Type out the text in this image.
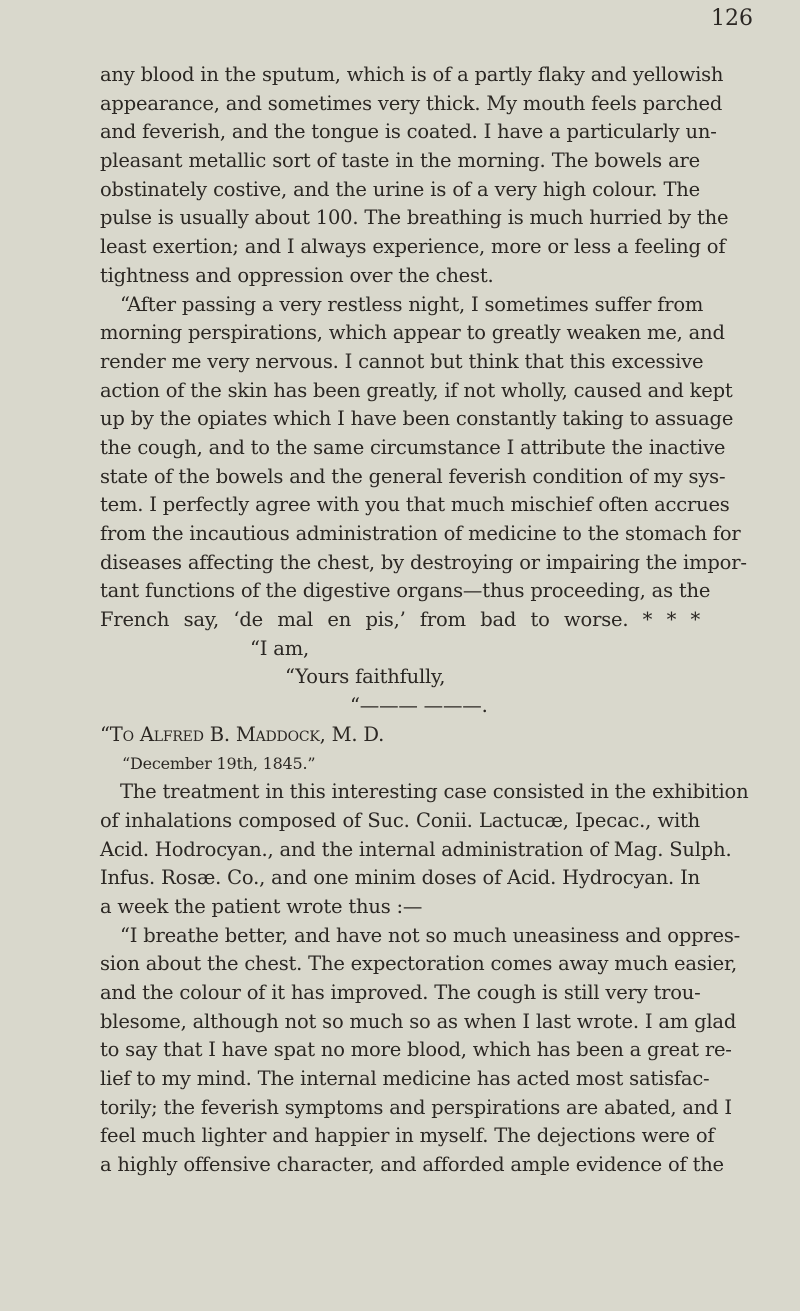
126
any blood in the sputum, which is of a partly flaky and yellowish
appearance, and sometimes very thick. My mouth feels parched
and feverish, and the tongue is coated. I have a particularly un-
pleasant metallic sort of taste in the morning. The bowels are
obstinately costive, and the urine is of a very high colour. The
pulse is usually about 100. The breathing is much hurried by the
least exertion; and I always experience, more or less a feeling of
tightness and oppression over the chest.
“After passing a very restless night, I sometimes suffer from
morning perspirations, which appear to greatly weaken me, and
render me very nervous. I cannot but think that this excessive
action of the skin has been greatly, if not wholly, caused and kept
up by the opiates which I have been constantly taking to assuage
the cough, and to the same circumstance I attribute the inactive
state of the bowels and the general feverish condition of my sys-
tem. I perfectly agree with you that much mischief often accrues
from the incautious administration of medicine to the stomach for
diseases affecting the chest, by destroying or impairing the impor-
tant functions of the digestive organs—thus proceeding, as the
French say, ‘de mal en pis,’ from bad to worse. * * *
“I am,
“Yours faithfully,
“——— ———.
“To Alfred B. Maddock, M. D.
“December 19th, 1845.”
The treatment in this interesting case consisted in the exhibition
of inhalations composed of Suc. Conii. Lactucæ, Ipecac., with
Acid. Hodrocyan., and the internal administration of Mag. Sulph.
Infus. Rosæ. Co., and one minim doses of Acid. Hydrocyan. In
a week the patient wrote thus :—
“I breathe better, and have not so much uneasiness and oppres-
sion about the chest. The expectoration comes away much easier,
and the colour of it has improved. The cough is still very trou-
blesome, although not so much so as when I last wrote. I am glad
to say that I have spat no more blood, which has been a great re-
lief to my mind. The internal medicine has acted most satisfac-
torily; the feverish symptoms and perspirations are abated, and I
feel much lighter and happier in myself. The dejections were of
a highly offensive character, and afforded ample evidence of the
